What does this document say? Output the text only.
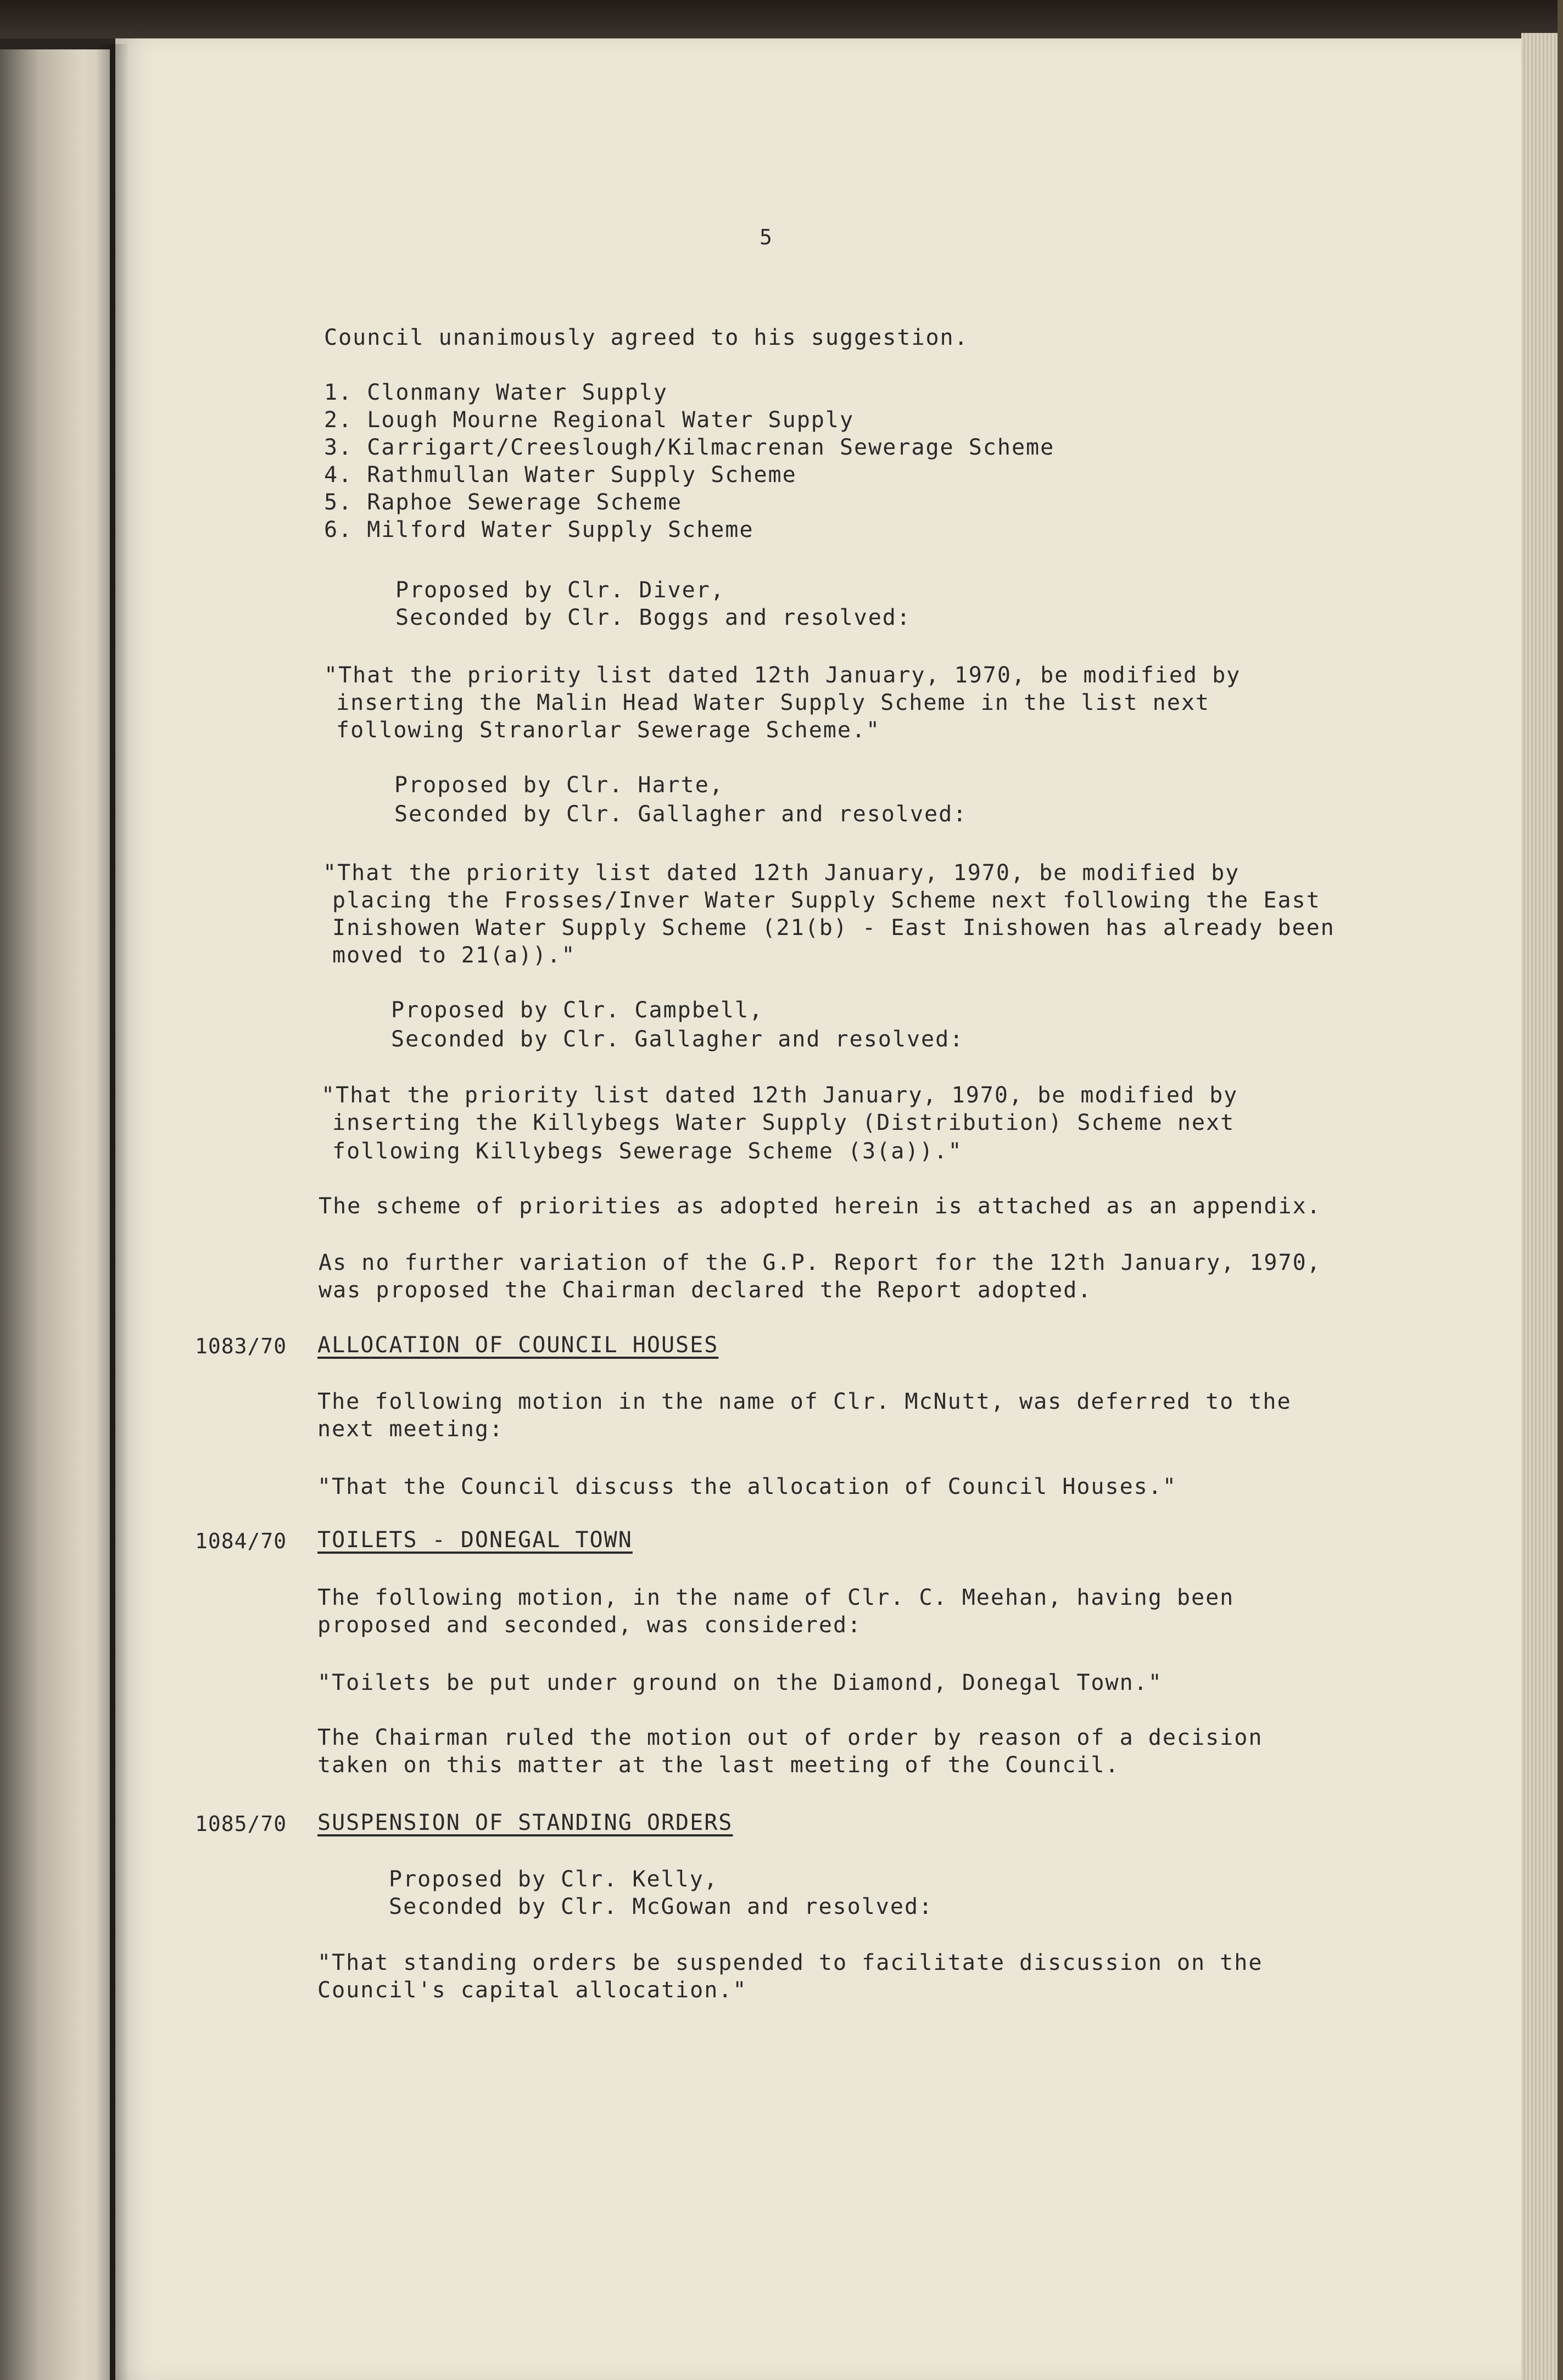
5
Council unanimously agreed to his suggestion.
1. Clonmany Water Supply
2. Lough Mourne Regional Water Supply
3. Carrigart/Creeslough/Kilmacrenan Sewerage Scheme
4. Rathmullan Water Supply Scheme
5. Raphoe Sewerage Scheme
6. Milford Water Supply Scheme
Proposed by Clr. Diver,
Seconded by Clr. Boggs and resolved:
"That the priority list dated 12th January, 1970, be modified by
inserting the Malin Head Water Supply Scheme in the list next
following Stranorlar Sewerage Scheme."
Proposed by Clr. Harte,
Seconded by Clr. Gallagher and resolved:
"That the priority list dated 12th January, 1970, be modified by
placing the Frosses/Inver Water Supply Scheme next following the East
Inishowen Water Supply Scheme (21(b) - East Inishowen has already been
moved to 21(a))."
Proposed by Clr. Campbell,
Seconded by Clr. Gallagher and resolved:
"That the priority list dated 12th January, 1970, be modified by
inserting the Killybegs Water Supply (Distribution) Scheme next
following Killybegs Sewerage Scheme (3(a))."
The scheme of priorities as adopted herein is attached as an appendix.
As no further variation of the G.P. Report for the 12th January, 1970,
was proposed the Chairman declared the Report adopted.
1083/70 ALLOCATION OF COUNCIL HOUSES
The following motion in the name of Clr. McNutt, was deferred to the
next meeting:
"That the Council discuss the allocation of Council Houses."
1084/70 TOILETS - DONEGAL TOWN
The following motion, in the name of Clr. C. Meehan, having been
proposed and seconded, was considered:
"Toilets be put under ground on the Diamond, Donegal Town."
The Chairman ruled the motion out of order by reason of a decision
taken on this matter at the last meeting of the Council.
1085/70 SUSPENSION OF STANDING ORDERS
Proposed by Clr. Kelly,
Seconded by Clr. McGowan and resolved:
"That standing orders be suspended to facilitate discussion on the
Council's capital allocation."
